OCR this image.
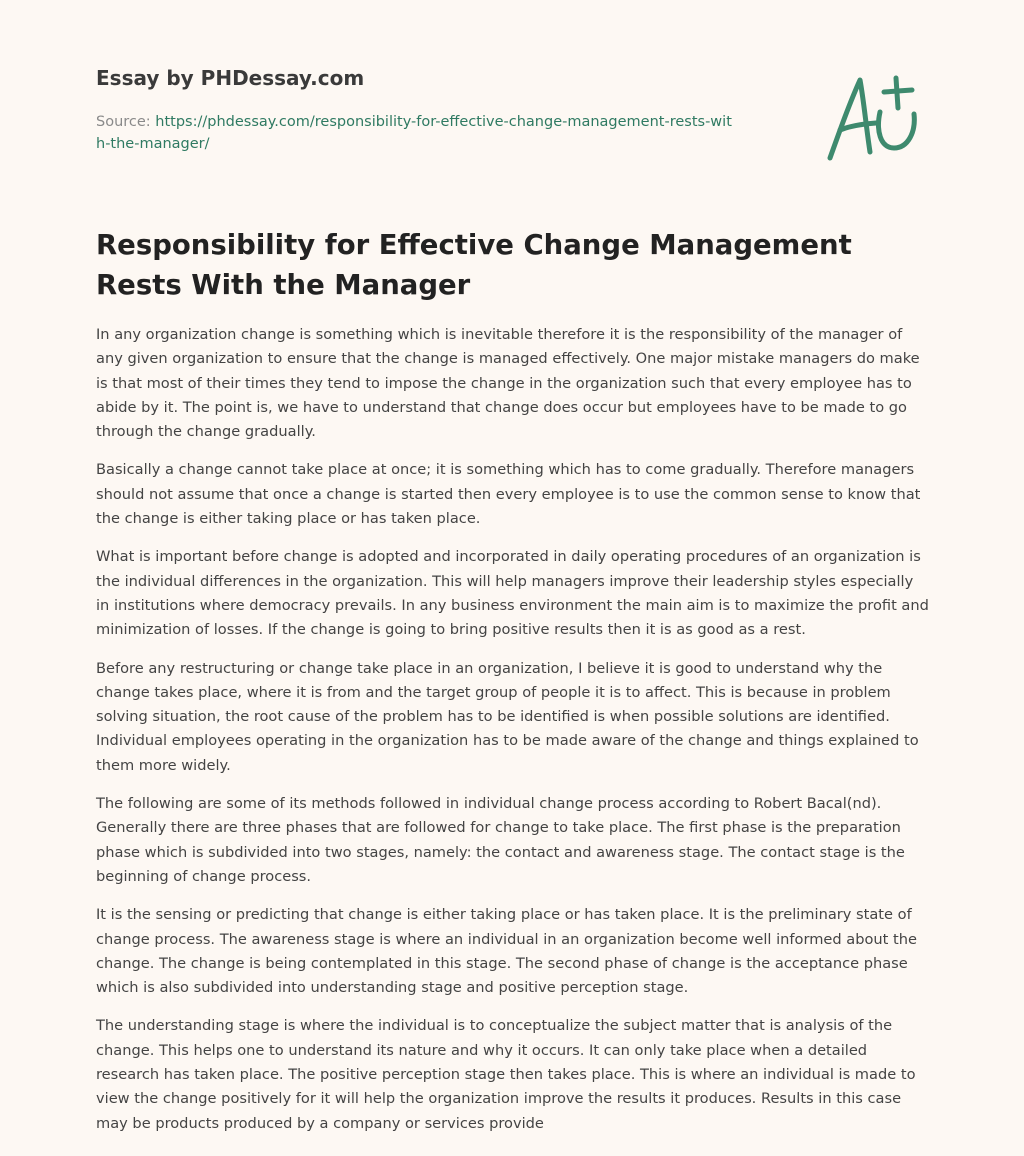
Essay by PHDessay.com
Source: https://phdessay.com/responsibility-for-effective-change-management-rests-with-the-manager/
Responsibility for Effective Change Management Rests With the Manager

In any organization change is something which is inevitable therefore it is the responsibility of the manager of any given organization to ensure that the change is managed effectively. One major mistake managers do make is that most of their times they tend to impose the change in the organization such that every employee has to abide by it. The point is, we have to understand that change does occur but employees have to be made to go through the change gradually.

Basically a change cannot take place at once; it is something which has to come gradually. Therefore managers should not assume that once a change is started then every employee is to use the common sense to know that the change is either taking place or has taken place.

What is important before change is adopted and incorporated in daily operating procedures of an organization is the individual differences in the organization. This will help managers improve their leadership styles especially in institutions where democracy prevails. In any business environment the main aim is to maximize the profit and minimization of losses. If the change is going to bring positive results then it is as good as a rest.

Before any restructuring or change take place in an organization, I believe it is good to understand why the change takes place, where it is from and the target group of people it is to affect. This is because in problem solving situation, the root cause of the problem has to be identified is when possible solutions are identified. Individual employees operating in the organization has to be made aware of the change and things explained to them more widely.

The following are some of its methods followed in individual change process according to Robert Bacal(nd). Generally there are three phases that are followed for change to take place. The first phase is the preparation phase which is subdivided into two stages, namely: the contact and awareness stage. The contact stage is the beginning of change process.

It is the sensing or predicting that change is either taking place or has taken place. It is the preliminary state of change process. The awareness stage is where an individual in an organization become well informed about the change. The change is being contemplated in this stage. The second phase of change is the acceptance phase which is also subdivided into understanding stage and positive perception stage.

The understanding stage is where the individual is to conceptualize the subject matter that is analysis of the change. This helps one to understand its nature and why it occurs. It can only take place when a detailed research has taken place. The positive perception stage then takes place. This is where an individual is made to view the change positively for it will help the organization improve the results it produces. Results in this case may be products produced by a company or services provide
